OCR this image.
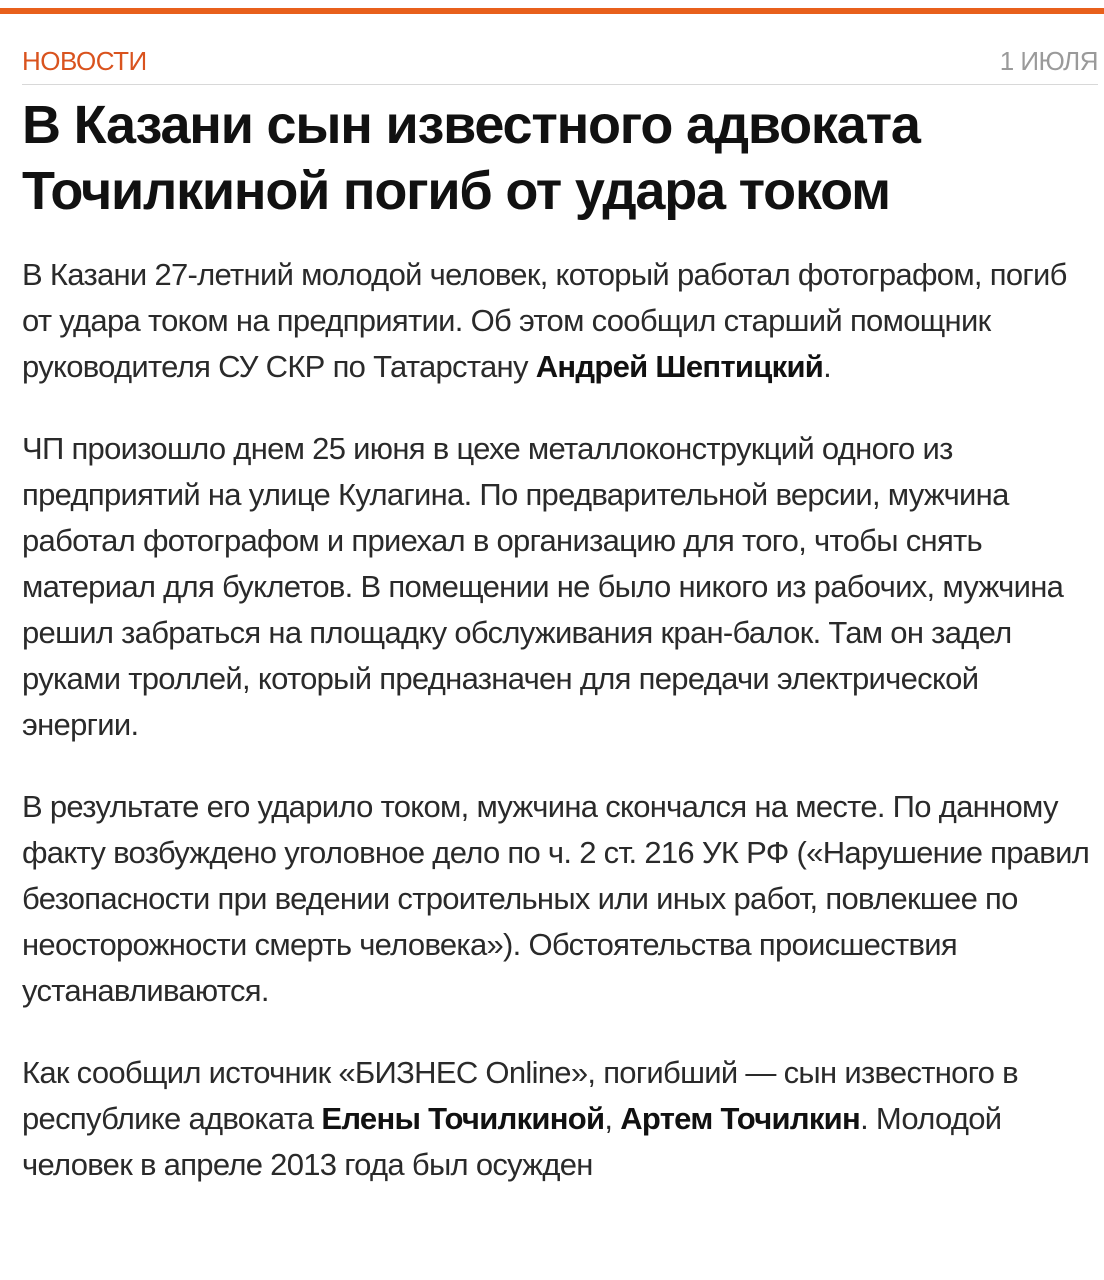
НОВОСТИ	1 ИЮЛЯ
В Казани сын известного адвоката Точилкиной погиб от удара током

В Казани 27-летний молодой человек, который работал фотографом, погиб от удара током на предприятии. Об этом сообщил старший помощник руководителя СУ СКР по Татарстану Андрей Шептицкий.

ЧП произошло днем 25 июня в цехе металлоконструкций одного из предприятий на улице Кулагина. По предварительной версии, мужчина работал фотографом и приехал в организацию для того, чтобы снять материал для буклетов. В помещении не было никого из рабочих, мужчина решил забраться на площадку обслуживания кран-балок. Там он задел руками троллей, который предназначен для передачи электрической энергии.

В результате его ударило током, мужчина скончался на месте. По данному факту возбуждено уголовное дело по ч. 2 ст. 216 УК РФ («Нарушение правил безопасности при ведении строительных или иных работ, повлекшее по неосторожности смерть человека»). Обстоятельства происшествия устанавливаются.

Как сообщил источник «БИЗНЕС Online», погибший — сын известного в республике адвоката Елены Точилкиной, Артем Точилкин. Молодой человек в апреле 2013 года был осужден
